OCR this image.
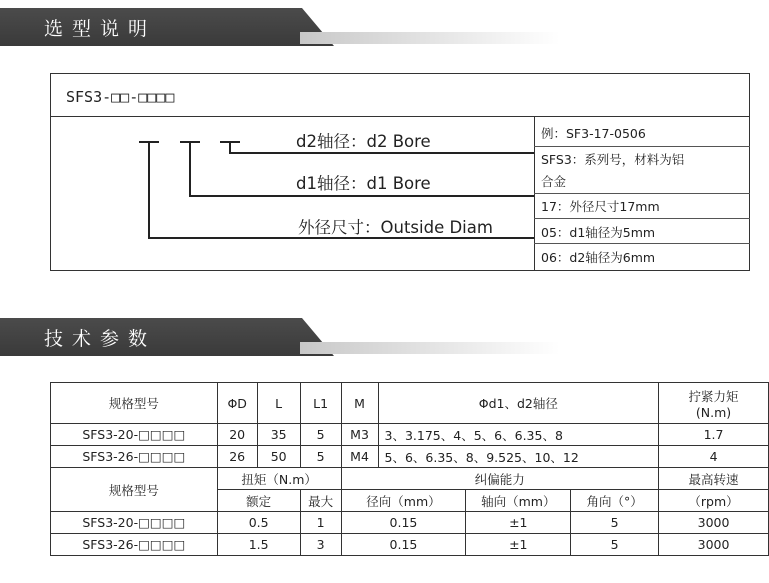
选型说明
SFS3-□□-□□□□
d2轴径：d2 Bore
d1轴径：d1 Bore
外径尺寸：Outside Diam
例：SF3-17-0506
SFS3：系列号，材料为铝
合金
17：外径尺寸17mm
05：d1轴径为5mm
06：d2轴径为6mm
技术参数
规格型号	ΦD	L	L1	M	Φd1、d2轴径			拧紧力矩
(N.m)

SFS3-20-□□□□	20	35	5	M3	3、3.175、4、5、6、6.35、8			1.7
SFS3-26-□□□□	26	50	5	M4	5、6、6.35、8、9.525、10、12			4
规格型号	扭矩（N.m）			纠偏能力				最高转速
	额定		最大	径向（mm）		轴向（mm）	角向（°）	（rpm）
SFS3-20-□□□□	0.5		1	0.15		±1	5	3000
SFS3-26-□□□□	1.5		3	0.15		±1	5	3000
